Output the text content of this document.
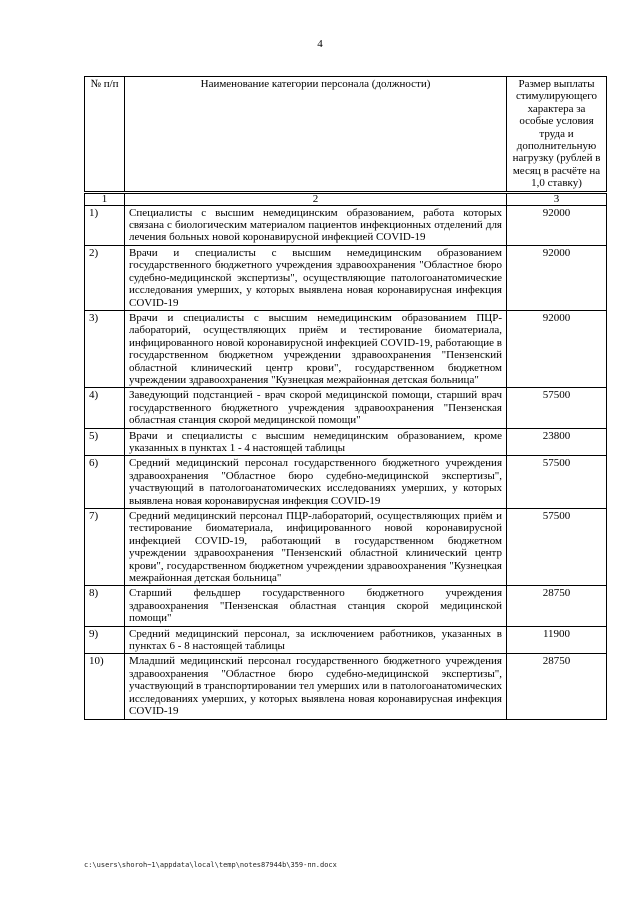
4
№ п/п	Наименование категории персонала (должности)	Размер выплаты стимулирующего характера за особые условия труда и дополнительную нагрузку (рублей в месяц в расчёте на 1,0 ставку)
1	2	3
1)	Специалисты с высшим немедицинским образованием, работа которых связана с биологическим материалом пациентов инфекционных отделений для лечения больных новой коронавирусной инфекцией COVID-19	92000
2)	Врачи и специалисты с высшим немедицинским образованием государственного бюджетного учреждения здравоохранения "Областное бюро судебно-медицинской экспертизы", осуществляющие патологоанатомические исследования умерших, у которых выявлена новая коронавирусная инфекция COVID-19	92000
3)	Врачи и специалисты с высшим немедицинским образованием ПЦР-лабораторий, осуществляющих приём и тестирование биоматериала, инфицированного новой коронавирусной инфекцией COVID-19, работающие в государственном бюджетном учреждении здравоохранения "Пензенский областной клинический центр крови", государственном бюджетном учреждении здравоохранения "Кузнецкая межрайонная детская больница"	92000
4)	Заведующий подстанцией - врач скорой медицинской помощи, старший врач государственного бюджетного учреждения здравоохранения "Пензенская областная станция скорой медицинской помощи"	57500
5)	Врачи и специалисты с высшим немедицинским образованием, кроме указанных в пунктах 1 - 4 настоящей таблицы	23800
6)	Средний медицинский персонал государственного бюджетного учреждения здравоохранения "Областное бюро судебно-медицинской экспертизы", участвующий в патологоанатомических исследованиях умерших, у которых выявлена новая коронавирусная инфекция COVID-19	57500
7)	Средний медицинский персонал ПЦР-лабораторий, осуществляющих приём и тестирование биоматериала, инфицированного новой коронавирусной инфекцией COVID-19, работающий в государственном бюджетном учреждении здравоохранения "Пензенский областной клинический центр крови", государственном бюджетном учреждении здравоохранения "Кузнецкая межрайонная детская больница"	57500
8)	Старший фельдшер государственного бюджетного учреждения здравоохранения "Пензенская областная станция скорой медицинской помощи"	28750
9)	Средний медицинский персонал, за исключением работников, указанных в пунктах 6 - 8 настоящей таблицы	11900
10)	Младший медицинский персонал государственного бюджетного учреждения здравоохранения "Областное бюро судебно-медицинской экспертизы", участвующий в транспортировании тел умерших или в патологоанатомических исследованиях умерших, у которых выявлена новая коронавирусная инфекция COVID-19	28750
c:\users\shoroh~1\appdata\local\temp\notes87944b\359-пп.docx
